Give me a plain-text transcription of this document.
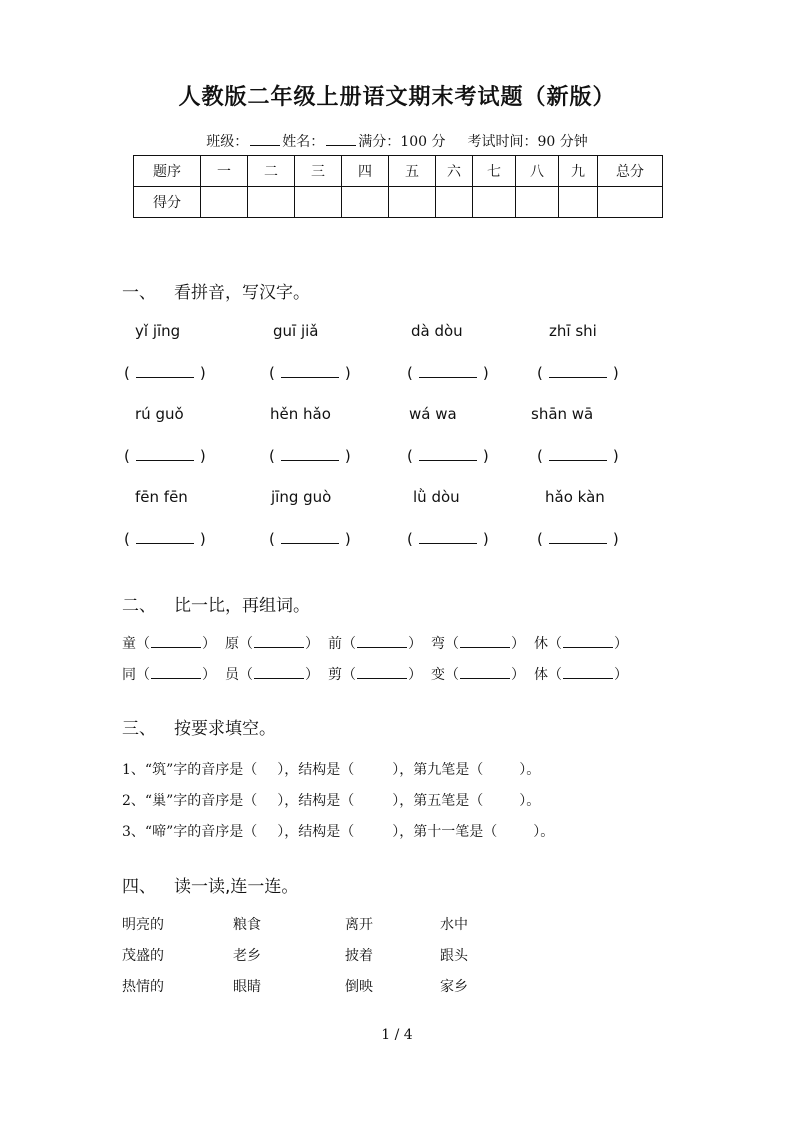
人教版二年级上册语文期末考试题（新版）
班级： 姓名： 满分：100 分 考试时间：90 分钟
题序	一	二	三	四	五	六	七	八	九	总分
得分										
一、 看拼音，写汉字。
yǐ jīng	guī jiǎ	dà dòu	zhī shi
(	)	(	)	(	)	(	)
rú guǒ	hěn hǎo	wá wa	shān wā
(	)	(	)	(	)	(	)
fēn fēn	jīng guò	lǜ dòu	hǎo kàn
(	)	(	)	(	)	(	)
二、 比一比，再组词。
童（	） 原（	） 前（	） 弯（	） 休（	）
同（	） 员（	） 剪（	） 变（	） 体（	）
三、 按要求填空。
1、“筑”字的音序是（ ），结构是（	），第九笔是（	）。
2、“巢”字的音序是（ ），结构是（	），第五笔是（	）。
3、“啼”字的音序是（ ），结构是（	），第十一笔是（	）。
四、 读一读,连一连。
明亮的	粮食	离开	水中
茂盛的	老乡	披着	跟头
热情的	眼睛	倒映	家乡
1 / 4
